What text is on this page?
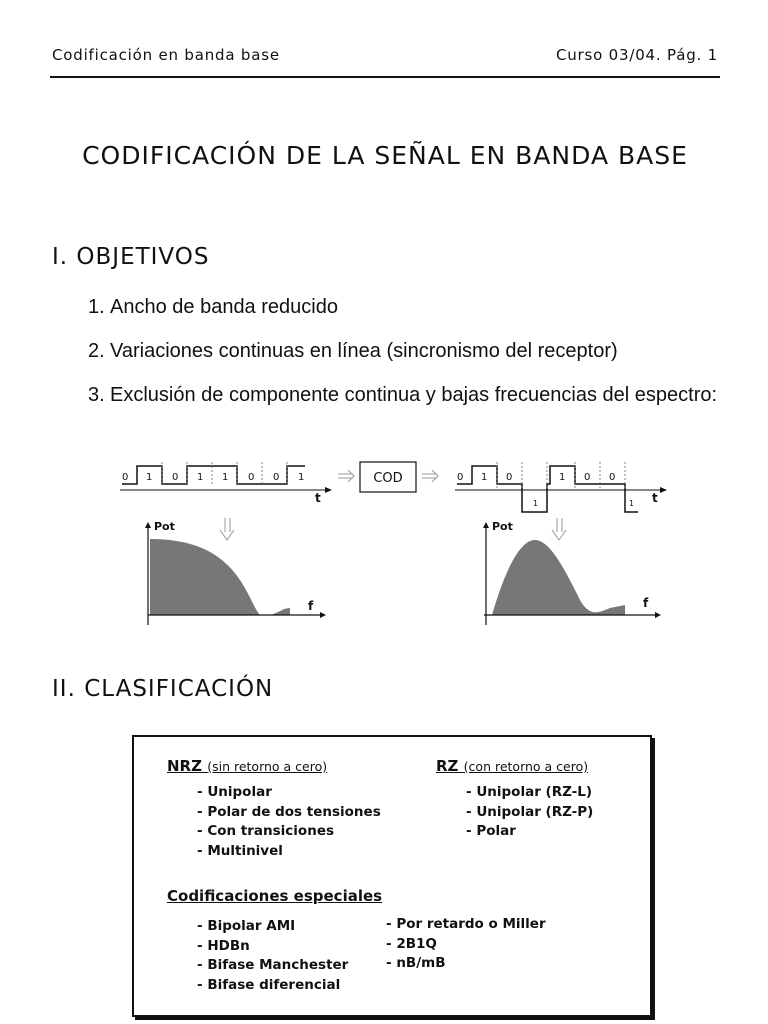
Codificación en banda base	Curso 03/04. Pág. 1
CODIFICACIÓN DE LA SEÑAL EN BANDA BASE
I. OBJETIVOS
1. Ancho de banda reducido
2. Variaciones continuas en línea (sincronismo del receptor)
3. Exclusión de componente continua y bajas frecuencias del espectro:
0 1 0 1 1 0 0 1
t
COD	0 1 0
1
1 0 0
1 t
Pot
f
Pot
f
II. CLASIFICACIÓN
NRZ (sin retorno a cero)
- Unipolar
- Polar de dos tensiones
- Con transiciones
- Multinivel
RZ (con retorno a cero)
- Unipolar (RZ-L)
- Unipolar (RZ-P)
- Polar
Codificaciones especiales
- Bipolar AMI
- HDBn
- Bifase Manchester
- Bifase diferencial
- Por retardo o Miller
- 2B1Q
- nB/mB
